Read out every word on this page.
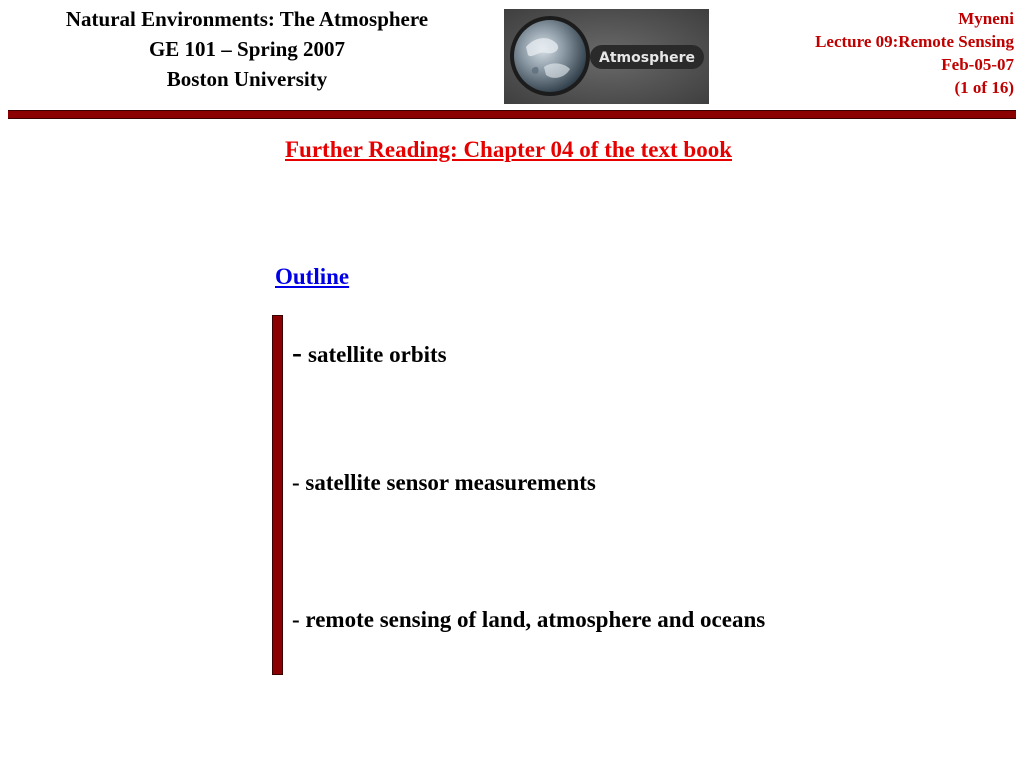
Natural Environments: The Atmosphere
GE 101 – Spring 2007
Boston University
Atmosphere
Myneni
Lecture 09:Remote Sensing
Feb-05-07
(1 of 16)
Further Reading: Chapter 04 of the text book
Outline
- satellite orbits
- satellite sensor measurements
- remote sensing of land, atmosphere and oceans
